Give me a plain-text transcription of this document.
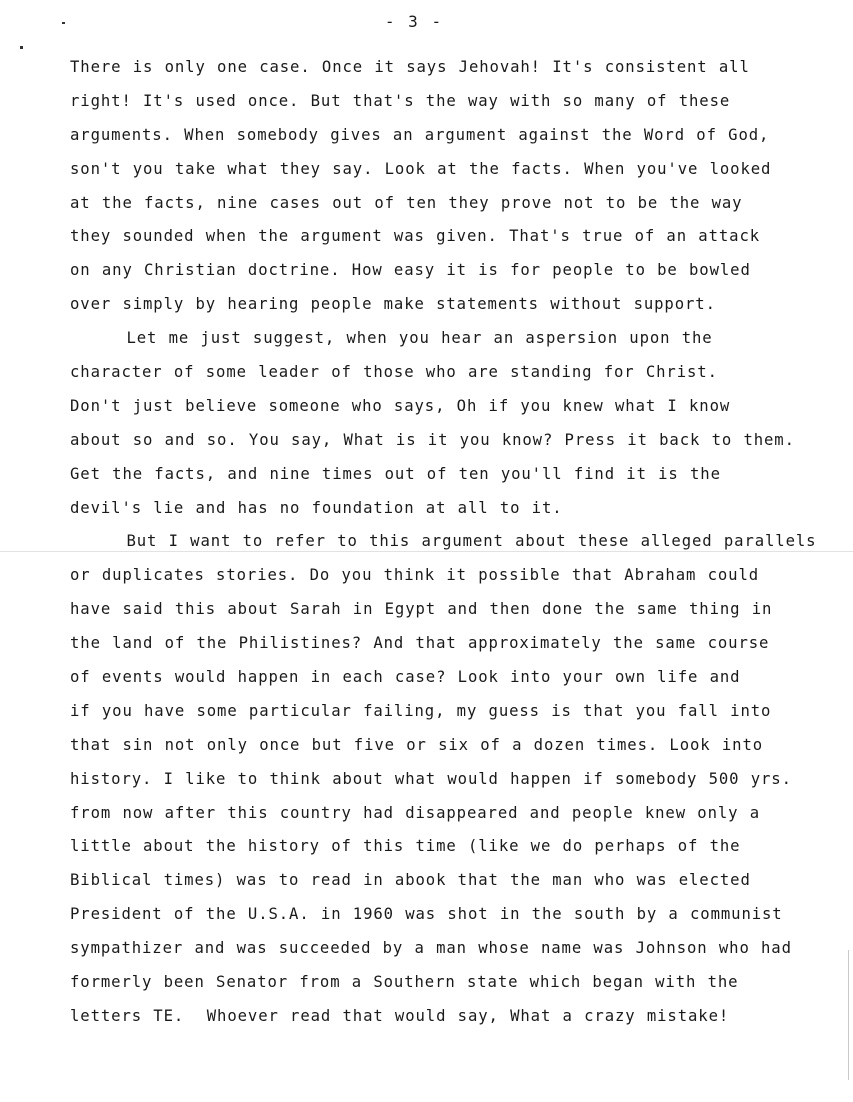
- 3 -
There is only one case. Once it says Jehovah! It's consistent all
right! It's used once. But that's the way with so many of these
arguments. When somebody gives an argument against the Word of God,
son't you take what they say. Look at the facts. When you've looked
at the facts, nine cases out of ten they prove not to be the way
they sounded when the argument was given. That's true of an attack
on any Christian doctrine. How easy it is for people to be bowled
over simply by hearing people make statements without support.
Let me just suggest, when you hear an aspersion upon the
character of some leader of those who are standing for Christ.
Don't just believe someone who says, Oh if you knew what I know
about so and so. You say, What is it you know? Press it back to them.
Get the facts, and nine times out of ten you'll find it is the
devil's lie and has no foundation at all to it.
But I want to refer to this argument about these alleged parallels
or duplicates stories. Do you think it possible that Abraham could
have said this about Sarah in Egypt and then done the same thing in
the land of the Philistines? And that approximately the same course
of events would happen in each case? Look into your own life and
if you have some particular failing, my guess is that you fall into
that sin not only once but five or six of a dozen times. Look into
history. I like to think about what would happen if somebody 500 yrs.
from now after this country had disappeared and people knew only a
little about the history of this time (like we do perhaps of the
Biblical times) was to read in abook that the man who was elected
President of the U.S.A. in 1960 was shot in the south by a communist
sympathizer and was succeeded by a man whose name was Johnson who had
formerly been Senator from a Southern state which began with the
letters TE.  Whoever read that would say, What a crazy mistake!
